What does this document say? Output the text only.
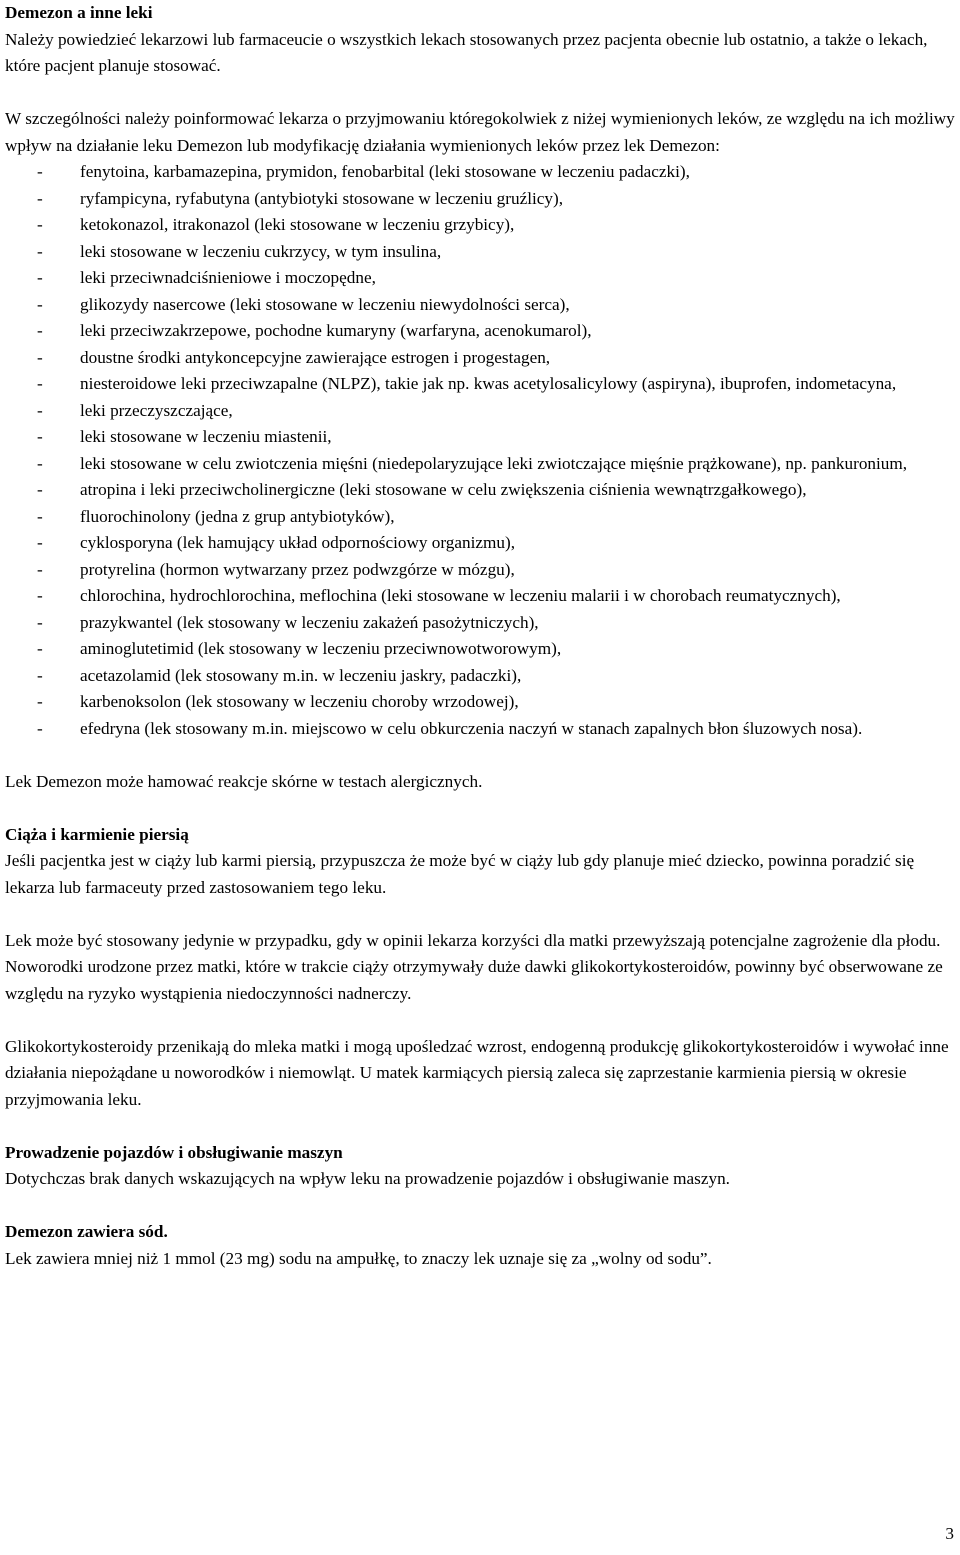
Demezon a inne leki

Należy powiedzieć lekarzowi lub farmaceucie o wszystkich lekach stosowanych przez pacjenta obecnie lub ostatnio, a także o lekach, które pacjent planuje stosować.

W szczególności należy poinformować lekarza o przyjmowaniu któregokolwiek z niżej wymienionych leków, ze względu na ich możliwy wpływ na działanie leku Demezon lub modyfikację działania wymienionych leków przez lek Demezon:

- fenytoina, karbamazepina, prymidon, fenobarbital (leki stosowane w leczeniu padaczki),
- ryfampicyna, ryfabutyna (antybiotyki stosowane w leczeniu gruźlicy),
- ketokonazol, itrakonazol (leki stosowane w leczeniu grzybicy),
- leki stosowane w leczeniu cukrzycy, w tym insulina,
- leki przeciwnadciśnieniowe i moczopędne,
- glikozydy nasercowe (leki stosowane w leczeniu niewydolności serca),
- leki przeciwzakrzepowe, pochodne kumaryny (warfaryna, acenokumarol),
- doustne środki antykoncepcyjne zawierające estrogen i progestagen,
- niesteroidowe leki przeciwzapalne (NLPZ), takie jak np. kwas acetylosalicylowy (aspiryna), ibuprofen, indometacyna,
- leki przeczyszczające,
- leki stosowane w leczeniu miastenii,
- leki stosowane w celu zwiotczenia mięśni (niedepolaryzujące leki zwiotczające mięśnie prążkowane), np. pankuronium,
- atropina i leki przeciwcholinergiczne (leki stosowane w celu zwiększenia ciśnienia wewnątrzgałkowego),
- fluorochinolony (jedna z grup antybiotyków),
- cyklosporyna (lek hamujący układ odpornościowy organizmu),
- protyrelina (hormon wytwarzany przez podwzgórze w mózgu),
- chlorochina, hydrochlorochina, meflochina (leki stosowane w leczeniu malarii i w chorobach reumatycznych),
- prazykwantel (lek stosowany w leczeniu zakażeń pasożytniczych),
- aminoglutetimid (lek stosowany w leczeniu przeciwnowotworowym),
- acetazolamid (lek stosowany m.in. w leczeniu jaskry, padaczki),
- karbenoksolon (lek stosowany w leczeniu choroby wrzodowej),
- efedryna (lek stosowany m.in. miejscowo w celu obkurczenia naczyń w stanach zapalnych błon śluzowych nosa).

Lek Demezon może hamować reakcje skórne w testach alergicznych.

Ciąża i karmienie piersią

Jeśli pacjentka jest w ciąży lub karmi piersią, przypuszcza że może być w ciąży lub gdy planuje mieć dziecko, powinna poradzić się lekarza lub farmaceuty przed zastosowaniem tego leku.

Lek może być stosowany jedynie w przypadku, gdy w opinii lekarza korzyści dla matki przewyższają potencjalne zagrożenie dla płodu. Noworodki urodzone przez matki, które w trakcie ciąży otrzymywały duże dawki glikokortykosteroidów, powinny być obserwowane ze względu na ryzyko wystąpienia niedoczynności nadnerczy.

Glikokortykosteroidy przenikają do mleka matki i mogą upośledzać wzrost, endogenną produkcję glikokortykosteroidów i wywołać inne działania niepożądane u noworodków i niemowląt. U matek karmiących piersią zaleca się zaprzestanie karmienia piersią w okresie przyjmowania leku.

Prowadzenie pojazdów i obsługiwanie maszyn

Dotychczas brak danych wskazujących na wpływ leku na prowadzenie pojazdów i obsługiwanie maszyn.

Demezon zawiera sód.

Lek zawiera mniej niż 1 mmol (23 mg) sodu na ampułkę, to znaczy lek uznaje się za „wolny od sodu”.

3
